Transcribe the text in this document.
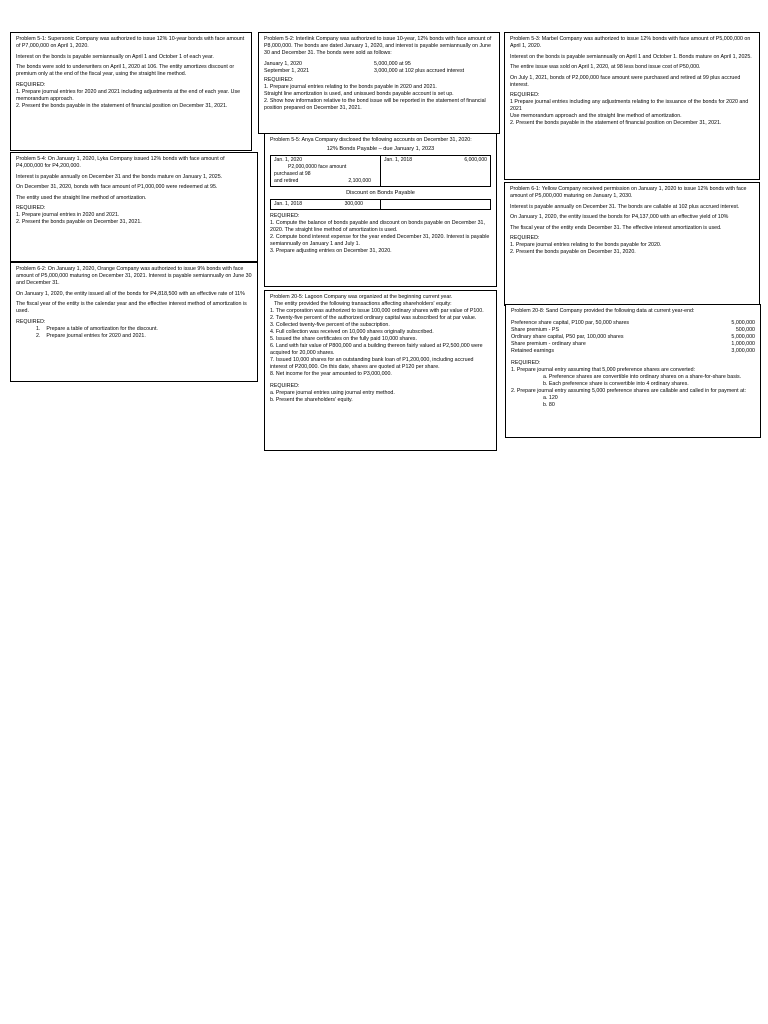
Problem 5-1: Supersonic Company was authorized to issue 12% 10-year bonds with face amount of P7,000,000 on April 1, 2020.

Interest on the bonds is payable semiannually on April 1 and October 1 of each year.

The bonds were sold to underwriters on April 1, 2020 at 106. The entity amortizes discount or premium only at the end of the fiscal year, using the straight line method.

REQUIRED:
1. Prepare journal entries for 2020 and 2021 including adjustments at the end of each year. Use memorandum approach.
2. Present the bonds payable in the statement of financial position on December 31, 2021.

Problem 5-4: On January 1, 2020, Lyka Company issued 12% bonds with face amount of P4,000,000 for P4,200,000.

Interest is payable annually on December 31 and the bonds mature on January 1, 2025.

On December 31, 2020, bonds with face amount of P1,000,000 were redeemed at 95.

The entity used the straight line method of amortization.

REQUIRED:
1. Prepare journal entries in 2020 and 2021.
2. Present the bonds payable on December 31, 2021.

Problem 6-2: On January 1, 2020, Orange Company was authorized to issue 9% bonds with face amount of P5,000,000 maturing on December 31, 2021. Interest is payable semiannually on June 30 and December 31.

On January 1, 2020, the entity issued all of the bonds for P4,818,500 with an effective rate of 11%

The fiscal year of the entity is the calendar year and the effective interest method of amortization is used.

REQUIRED:
1. Prepare a table of amortization for the discount.
2. Prepare journal entries for 2020 and 2021.

Problem 5-2: Interlink Company was authorized to issue 10-year, 12% bonds with face amount of P8,000,000. The bonds are dated January 1, 2020, and interest is payable semiannually on June 30 and December 31. The bonds were sold as follows:

January 1, 2020	5,000,000 at 95
September 1, 2021	3,000,000 at 102 plus accrued interest
REQUIRED:
1. Prepare journal entries relating to the bonds payable in 2020 and 2021.
Straight line amortization is used, and unissued bonds payable account is set up.
2. Show how information relative to the bond issue will be reported in the statement of financial position prepared on December 31, 2021.

Problem 5-5: Anya Company disclosed the following accounts on December 31, 2020:

12% Bonds Payable – due January 1, 2023
Jan. 1, 2020
P2,000,0000 face amount
purchased at 98
and retired	2,100,000

Jan. 1, 2018	6,000,000
Discount on Bonds Payable
Jan. 1, 2018	300,000

REQUIRED:
1. Compute the balance of bonds payable and discount on bonds payable on December 31, 2020. The straight line method of amortization is used.
2. Compute bond interest expense for the year ended December 31, 2020. Interest is payable semiannually on January 1 and July 1.
3. Prepare adjusting entries on December 31, 2020.
Problem 20-5: Lagoon Company was organized at the beginning current year.
The entity provided the following transactions affecting shareholders' equity:
1. The corporation was authorized to issue 100,000 ordinary shares with par value of P100.
2. Twenty-five percent of the authorized ordinary capital was subscribed for at par value.
3. Collected twenty-five percent of the subscription.
4. Full collection was received on 10,000 shares originally subscribed.
5. Issued the share certificates on the fully paid 10,000 shares.
6. Land with fair value of P800,000 and a building thereon fairly valued at P2,500,000 were acquired for 20,000 shares.
7. Issued 10,000 shares for an outstanding bank loan of P1,200,000, including accrued interest of P200,000. On this date, shares are quoted at P120 per share.
8. Net income for the year amounted to P3,000,000.
REQUIRED:
a. Prepare journal entries using journal entry method.
b. Present the shareholders' equity.

Problem 5-3: Marbel Company was authorized to issue 12% bonds with face amount of P5,000,000 on April 1, 2020.

Interest on the bonds is payable semiannually on April 1 and October 1. Bonds mature on April 1, 2025.

The entire issue was sold on April 1, 2020, at 98 less bond issue cost of P50,000.

On July 1, 2021, bonds of P2,000,000 face amount were purchased and retired at 99 plus accrued interest.

REQUIRED:
1 Prepare journal entries including any adjustments relating to the issuance of the bonds for 2020 and 2021
Use memorandum approach and the straight line method of amortization.
2. Present the bonds payable in the statement of financial position on December 31, 2021.

Problem 6-1: Yellow Company received permission on January 1, 2020 to issue 12% bonds with face amount of P5,000,000 maturing on January 1, 2030.

Interest is payable annually on December 31. The bonds are callable at 102 plus accrued interest.

On January 1, 2020, the entity issued the bonds for P4,137,000 with an effective yield of 10%

The fiscal year of the entity ends December 31. The effective interest amortization is used.

REQUIRED:
1. Prepare journal entries relating to the bonds payable for 2020.
2. Present the bonds payable on December 31, 2020.

Problem 20-8: Sand Company provided the following data at current year-end:

Preference share capital, P100 par, 50,000 shares	5,000,000
Share premium - PS	500,000
Ordinary share capital, P50 par, 100,000 shares	5,000,000
Share premium - ordinary share	1,000,000
Retained earnings	3,000,000
REQUIRED:
1. Prepare journal entry assuming that 5,000 preference shares are converted:
a. Preference shares are convertible into ordinary shares on a share-for-share basis.
b. Each preference share is convertible into 4 ordinary shares.
2. Prepare journal entry assuming 5,000 preference shares are callable and called in for payment at:
a. 120
b. 80
